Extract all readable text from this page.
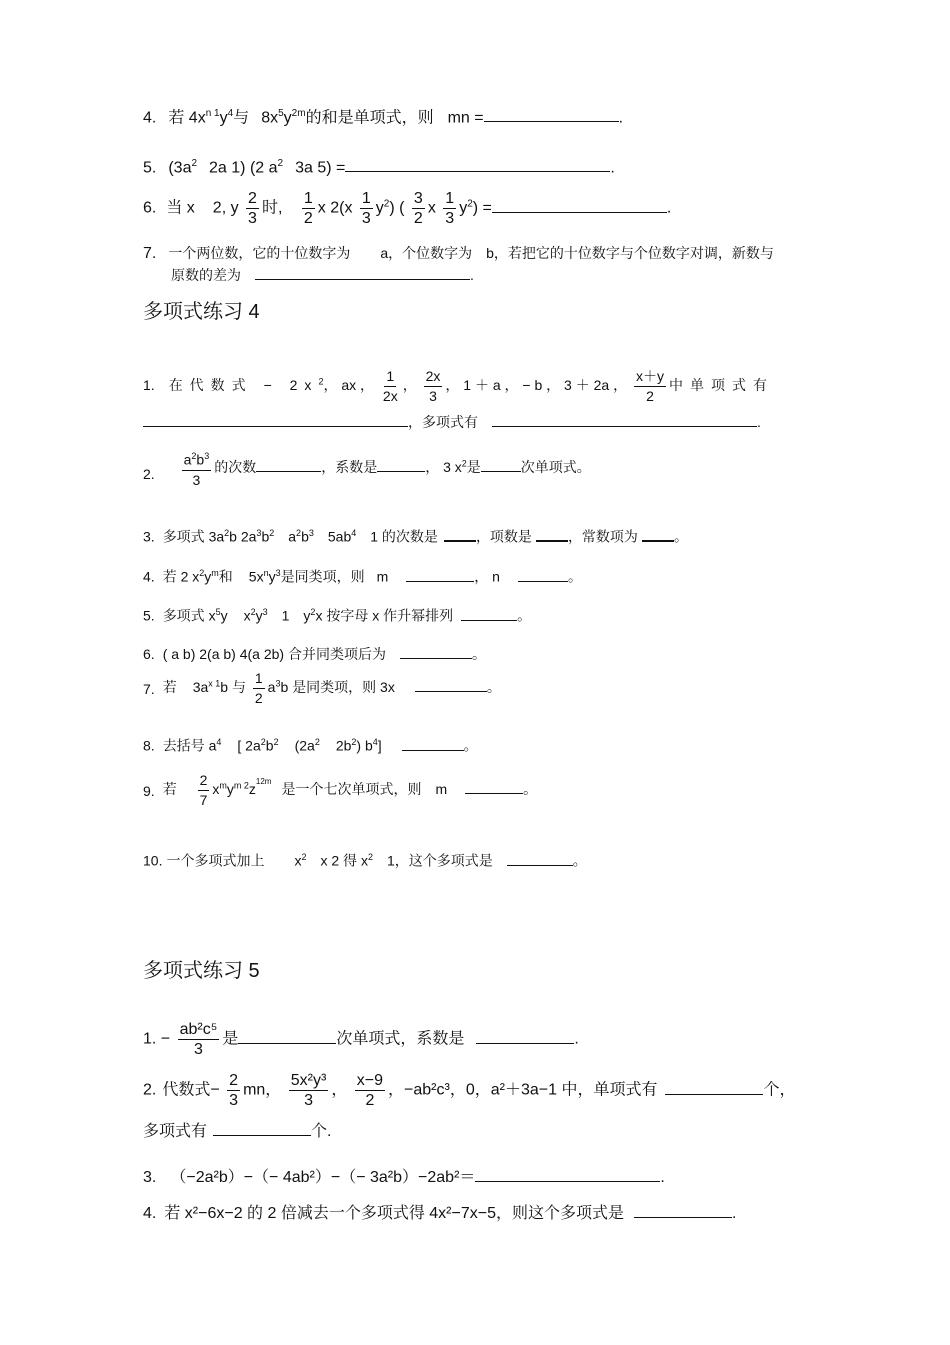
4. 若 $4x^{n 1}y^4$与 $8x^5y^{2m}$的和是单项式，则 mn =	.
5. ($3a^2$ 2a 1) (2 $a^2$ 3a 5) =	.
6. 当 x 2, y $\frac{2}{3}$ 时, $\frac{1}{2}$ x $2(x \frac{1}{3} y^2)$ ( $\frac{3}{2}$ x $\frac{1}{3} y^2$) =	.
7. 一个两位数，它的十位数字为 a，个位数字为 b，若把它的十位数字与个位数字对调，新数与
原数的差为	.
多项式练习 4
1. 在代数式 − $2x^2$， ax ， $\frac{1}{2x}$ ， $\frac{2x}{3}$ ， 1 ＋ a ， − b ， 3 ＋ 2a ， $\frac{x+y}{2}$ 中单项式有
，多项式有	.
2. $\frac{a^2b^3}{3}$ 的次数	，系数是	， 3 $x^2$是	次单项式。
3. 多项式 $3a^2b$ $2a^3b^2$ $a^2b^3$ $5ab^4$ 1 的次数是	，项数是	，常数项为	。
4. 若 2 $x^2y^m$和 $5x^ny^3$是同类项，则 m	， n	。
5. 多项式 $x^5y$ $x^2y^3$ 1 $y^2x$ 按字母 x 作升幂排列	。
6. ( a b) 2(a b) 4(a 2b) 合并同类项后为	。
7. 若 $3a^{x 1}b$ 与 $\frac{1}{2} a^3b$ 是同类项，则 3x	。
8. 去括号 $a^4$ [ $2a^2b^2$ ($2a^2$ $2b^2$) $b^4$]	。
9. 若 $\frac{2}{7} x^my^{m 2}z^{12m}$ 是一个七次单项式，则 m	。
10. 一个多项式加上 $x^2$ x 2 得 $x^2$ 1，这个多项式是	。
多项式练习 5
1. − $\frac{\text{ab²c⁵}}{3}$ 是	次单项式，系数是	.
2. 代数式− $\frac{2}{3}$ mn， $\frac{\text{5x²y³}}{3}$ ， $\frac{x-9}{2}$ ，−ab²c³，0，a²＋3a−1 中，单项式有	个，
多项式有	个.
3. （−2a²b）−（− 4ab²）−（− 3a²b）−2ab²＝	.
4. 若 x²−6x−2 的 2 倍减去一个多项式得 4x²−7x−5，则这个多项式是	.
